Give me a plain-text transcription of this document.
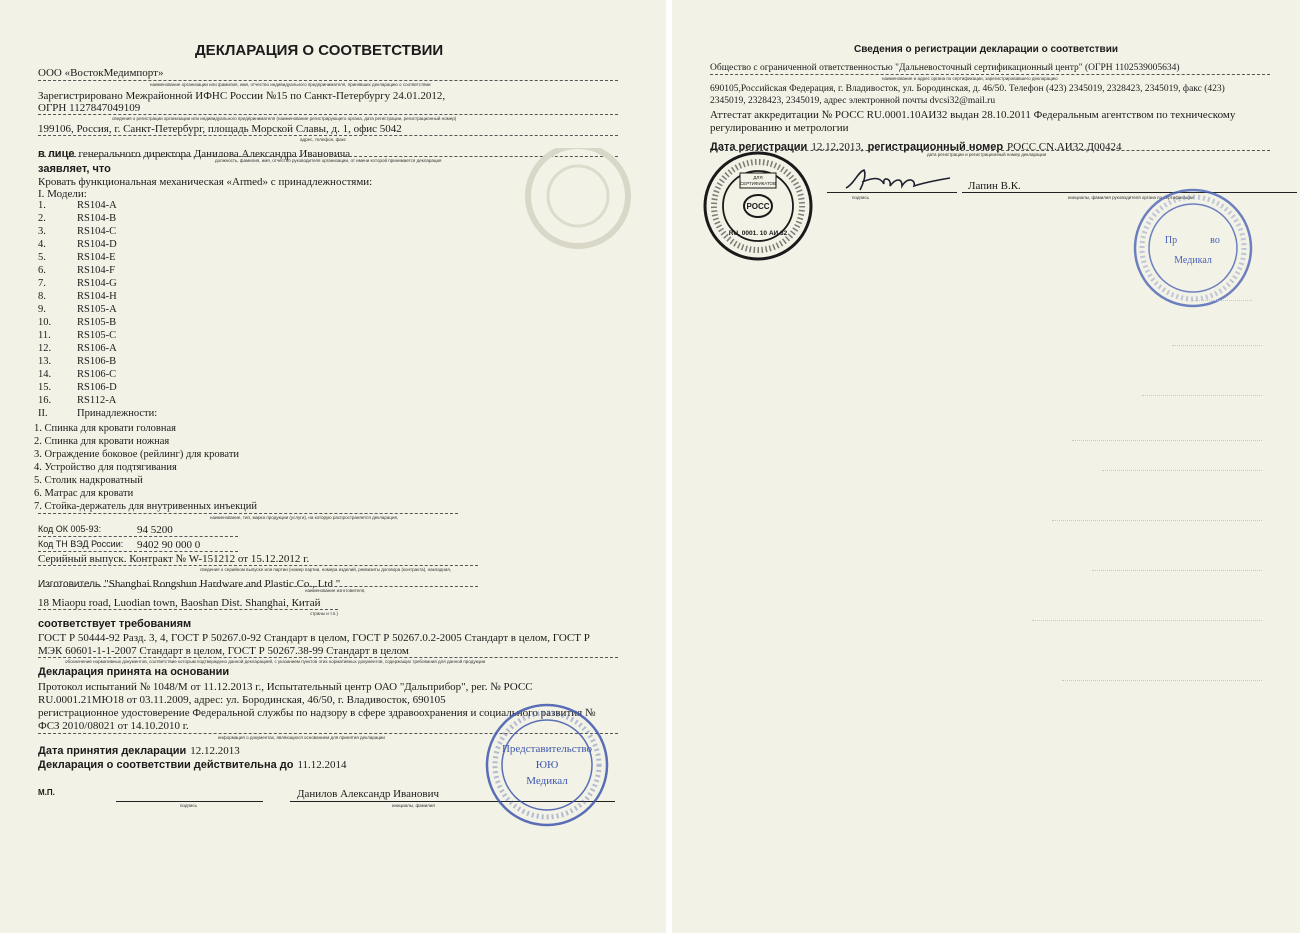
ДЕКЛАРАЦИЯ О СООТВЕТСТВИИ
ООО «ВостокМедимпорт»
наименование организации или фамилия, имя, отчество индивидуального предпринимателя, принявших декларацию о соответствии
Зарегистрировано Межрайонной ИФНС России №15 по Санкт-Петербургу 24.01.2012,
ОГРН 1127847049109
сведения о регистрации организации или индивидуального предпринимателя (наименование регистрирующего органа, дата регистрации, регистрационный номер)
199106, Россия, г. Санкт-Петербург, площадь Морской Славы, д. 1, офис 5042
адрес, телефон, факс
в лице генерального директора Данилова Александра Ивановича
должность, фамилия, имя, отчество руководителя организации, от имени которой принимается декларация
заявляет, что
Кровать функциональная механическая «Armed» с принадлежностями:
I. Модели:
1.	RS104-A
2.	RS104-B
3.	RS104-C
4.	RS104-D
5.	RS104-E
6.	RS104-F
7.	RS104-G
8.	RS104-H
9.	RS105-A
10. RS105-B
11.	RS105-C
12. RS106-A
13. RS106-B
14. RS106-C
15. RS106-D
16. RS112-A
II.	Принадлежности:
1. Спинка для кровати головная
2. Спинка для кровати ножная
3. Ограждение боковое (рейлинг) для кровати
4. Устройство для подтягивания
5. Столик надкроватный
6. Матрас для кровати
7. Стойка-держатель для внутривенных инъекций
наименование, тип, марка продукции (услуги), на которую распространяется декларация,
Код ОК 005-93:	94 5200
Код ТН ВЭД России: 9402 90 000 0
Серийный выпуск. Контракт № W-151212 от 15.12.2012 г.
сведения о серийном выпуске или партии (номер партии, номера изделий, реквизиты договора (контракта), накладная,
Изготовитель "Shanghai Rongshun Hardware and Plastic Co., Ltd "
наименование изготовителя,
18 Miaopu road, Luodian town, Baoshan Dist. Shanghai, Китай
страны и т.п.)
соответствует требованиям
ГОСТ Р 50444-92 Разд. 3, 4, ГОСТ Р 50267.0-92 Стандарт в целом, ГОСТ Р 50267.0.2-2005 Стандарт в целом, ГОСТ Р
МЭК 60601-1-1-2007 Стандарт в целом, ГОСТ Р 50267.38-99 Стандарт в целом
обозначение нормативных документов, соответствие которым подтверждено данной декларацией, с указанием пунктов этих нормативных документов, содержащих требования для данной продукции
Декларация принята на основании
Протокол испытаний № 1048/М от 11.12.2013 г., Испытательный центр ОАО "Дальприбор", рег. № РОСС
RU.0001.21МЮ18 от 03.11.2009, адрес: ул. Бородинская, 46/50, г. Владивосток, 690105
регистрационное удостоверение Федеральной службы по надзору в сфере здравоохранения и социального развития №
ФСЗ 2010/08021 от 14.10.2010 г.
информация о документах, являющихся основанием для принятия декларации
Дата принятия декларации 12.12.2013
Декларация о соответствии действительна до 11.12.2014
М.П.
подпись
Данилов Александр Иванович
инициалы, фамилия
Представительство
ЮЮ
Медикал
Сведения о регистрации декларации о соответствии
Общество с ограниченной ответственностью "Дальневосточный сертификационный центр" (ОГРН 1102539005634)
наименование и адрес органа по сертификации, зарегистрировавшего декларацию
690105,Российская Федерация, г. Владивосток, ул. Бородинская, д. 46/50. Телефон (423) 2345019, 2328423, 2345019, факс (423)
2345019, 2328423, 2345019, адрес электронной почты dvcsi32@mail.ru
Аттестат аккредитации № РОСС RU.0001.10АИ32 выдан 28.10.2011 Федеральным агентством по техническому
регулированию и метрологии
Дата регистрации 12.12.2013, регистрационный номер РОСС CN.АИ32.Д00424
дата регистрации и регистрационный номер декларации
подпись
Лапин В.К.
инициалы, фамилия руководителя органа по сертификации
ДЛЯ
СЕРТИФИКАТОВ
РОСС
RU. 0001. 10 АИ 32
Пр	во
Медикал
